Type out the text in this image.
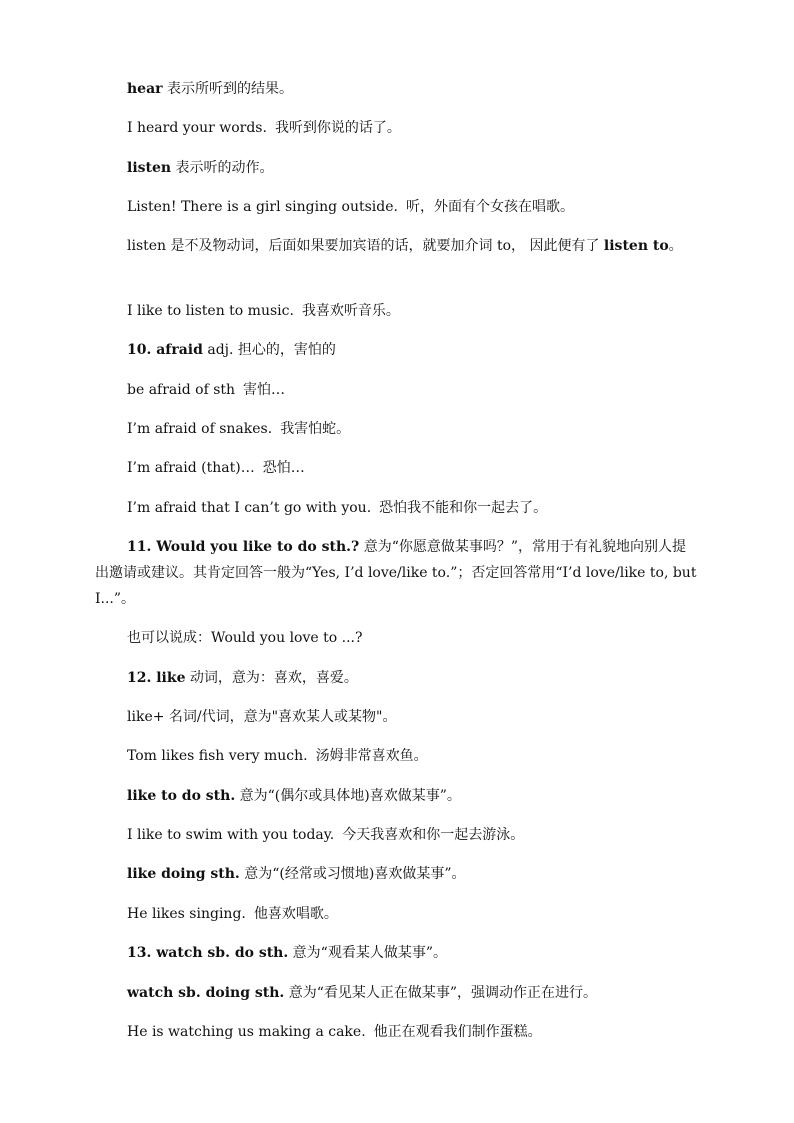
hear 表示所听到的结果。
I heard your words. 我听到你说的话了。
listen 表示听的动作。
Listen! There is a girl singing outside. 听，外面有个女孩在唱歌。
listen 是不及物动词，后面如果要加宾语的话，就要加介词 to， 因此便有了 listen to。
I like to listen to music. 我喜欢听音乐。
10. afraid adj. 担心的，害怕的
be afraid of sth 害怕…
I’m afraid of snakes. 我害怕蛇。
I’m afraid (that)… 恐怕…
I’m afraid that I can’t go with you. 恐怕我不能和你一起去了。
11. Would you like to do sth.? 意为“你愿意做某事吗？”，常用于有礼貌地向别人提出邀请或建议。其肯定回答一般为“Yes, I’d love/like to.”；否定回答常用“I’d love/like to, but I...”。
也可以说成：Would you love to ...?
12. like 动词，意为：喜欢，喜爱。
like+ 名词/代词，意为"喜欢某人或某物"。
Tom likes fish very much. 汤姆非常喜欢鱼。
like to do sth. 意为“(偶尔或具体地)喜欢做某事”。
I like to swim with you today. 今天我喜欢和你一起去游泳。
like doing sth. 意为“(经常或习惯地)喜欢做某事”。
He likes singing. 他喜欢唱歌。
13. watch sb. do sth. 意为“观看某人做某事”。
watch sb. doing sth. 意为“看见某人正在做某事”，强调动作正在进行。
He is watching us making a cake. 他正在观看我们制作蛋糕。
